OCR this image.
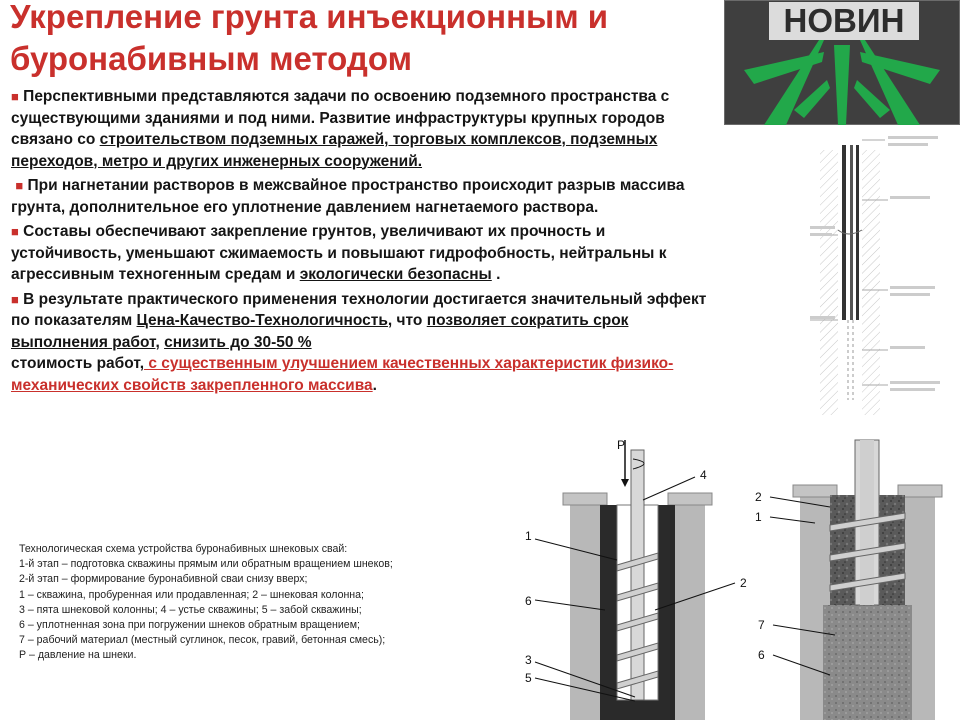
Укрепление грунта инъекционным и
буронабивным методом
НОВИН

■ Перспективными представляются задачи по освоению подземного пространства с существующими зданиями и под ними. Развитие инфраструктуры крупных городов связано со строительством подземных гаражей, торговых комплексов, подземных переходов, метро и других инженерных сооружений.

■ При нагнетании растворов в межсвайное пространство происходит разрыв массива грунта, дополнительное его уплотнение давлением нагнетаемого раствора.

■ Составы обеспечивают закрепление грунтов, увеличивают их прочность и устойчивость, уменьшают сжимаемость и повышают гидрофобность, нейтральны к агрессивным техногенным средам и экологически безопасны .

■ В результате практического применения технологии достигается значительный эффект по показателям Цена-Качество-Технологичность, что позволяет сократить срок выполнения работ, снизить до 30-50 %
стоимость работ, с существенным улучшением качественных характеристик физико-механических свойств закрепленного массива.

P
4
1
2
6
3
5
2
1
7
6
Технологическая схема устройства буронабивных шнековых свай:
1-й этап – подготовка скважины прямым или обратным вращением шнеков;
2-й этап – формирование буронабивной сваи снизу вверх;
1 – скважина, пробуренная или продавленная; 2 – шнековая колонна;
3 – пята шнековой колонны; 4 – устье скважины; 5 – забой скважины;
6 – уплотненная зона при погружении шнеков обратным вращением;
7 – рабочий материал (местный суглинок, песок, гравий, бетонная смесь);
Р – давление на шнеки.
